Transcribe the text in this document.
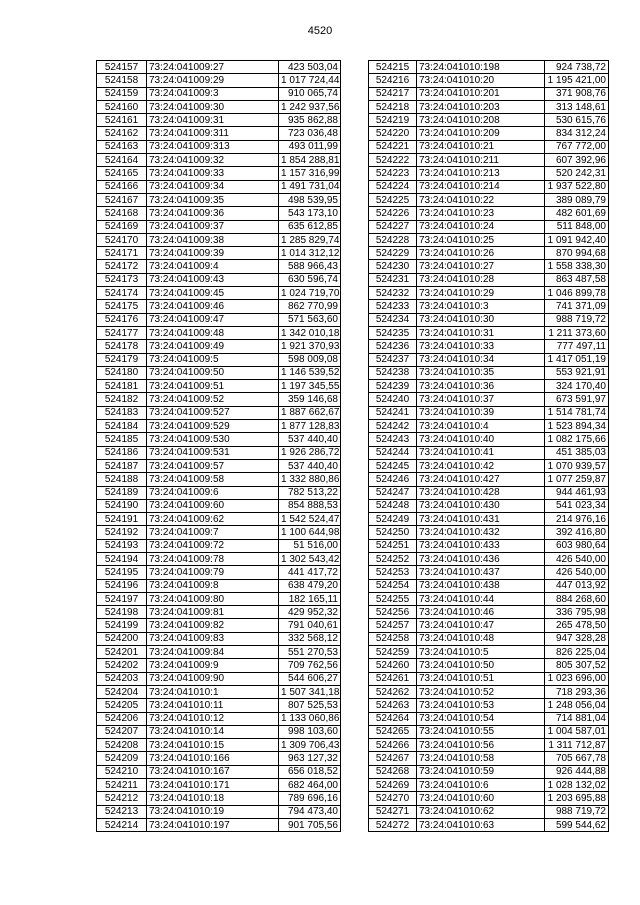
4520
524157	73:24:041009:27	423 503,04
524158	73:24:041009:29	1 017 724,44
524159	73:24:041009:3	910 065,74
524160	73:24:041009:30	1 242 937,56
524161	73:24:041009:31	935 862,88
524162	73:24:041009:311	723 036,48
524163	73:24:041009:313	493 011,99
524164	73:24:041009:32	1 854 288,81
524165	73:24:041009:33	1 157 316,99
524166	73:24:041009:34	1 491 731,04
524167	73:24:041009:35	498 539,95
524168	73:24:041009:36	543 173,10
524169	73:24:041009:37	635 612,85
524170	73:24:041009:38	1 285 829,74
524171	73:24:041009:39	1 014 312,12
524172	73:24:041009:4	588 966,43
524173	73:24:041009:43	630 596,74
524174	73:24:041009:45	1 024 719,70
524175	73:24:041009:46	862 770,99
524176	73:24:041009:47	571 563,60
524177	73:24:041009:48	1 342 010,18
524178	73:24:041009:49	1 921 370,93
524179	73:24:041009:5	598 009,08
524180	73:24:041009:50	1 146 539,52
524181	73:24:041009:51	1 197 345,55
524182	73:24:041009:52	359 146,68
524183	73:24:041009:527	1 887 662,67
524184	73:24:041009:529	1 877 128,83
524185	73:24:041009:530	537 440,40
524186	73:24:041009:531	1 926 286,72
524187	73:24:041009:57	537 440,40
524188	73:24:041009:58	1 332 880,86
524189	73:24:041009:6	782 513,22
524190	73:24:041009:60	854 888,53
524191	73:24:041009:62	1 542 524,47
524192	73:24:041009:7	1 100 644,98
524193	73:24:041009:72	51 516,00
524194	73:24:041009:78	1 302 543,42
524195	73:24:041009:79	441 417,72
524196	73:24:041009:8	638 479,20
524197	73:24:041009:80	182 165,11
524198	73:24:041009:81	429 952,32
524199	73:24:041009:82	791 040,61
524200	73:24:041009:83	332 568,12
524201	73:24:041009:84	551 270,53
524202	73:24:041009:9	709 762,56
524203	73:24:041009:90	544 606,27
524204	73:24:041010:1	1 507 341,18
524205	73:24:041010:11	807 525,53
524206	73:24:041010:12	1 133 060,86
524207	73:24:041010:14	998 103,60
524208	73:24:041010:15	1 309 706,43
524209	73:24:041010:166	963 127,32
524210	73:24:041010:167	656 018,52
524211	73:24:041010:171	682 464,00
524212	73:24:041010:18	789 696,16
524213	73:24:041010:19	794 473,40
524214	73:24:041010:197	901 705,56
524215	73:24:041010:198	924 738,72
524216	73:24:041010:20	1 195 421,00
524217	73:24:041010:201	371 908,76
524218	73:24:041010:203	313 148,61
524219	73:24:041010:208	530 615,76
524220	73:24:041010:209	834 312,24
524221	73:24:041010:21	767 772,00
524222	73:24:041010:211	607 392,96
524223	73:24:041010:213	520 242,31
524224	73:24:041010:214	1 937 522,80
524225	73:24:041010:22	389 089,79
524226	73:24:041010:23	482 601,69
524227	73:24:041010:24	511 848,00
524228	73:24:041010:25	1 091 942,40
524229	73:24:041010:26	870 994,68
524230	73:24:041010:27	1 558 338,30
524231	73:24:041010:28	863 487,58
524232	73:24:041010:29	1 046 899,78
524233	73:24:041010:3	741 371,09
524234	73:24:041010:30	988 719,72
524235	73:24:041010:31	1 211 373,60
524236	73:24:041010:33	777 497,11
524237	73:24:041010:34	1 417 051,19
524238	73:24:041010:35	553 921,91
524239	73:24:041010:36	324 170,40
524240	73:24:041010:37	673 591,97
524241	73:24:041010:39	1 514 781,74
524242	73:24:041010:4	1 523 894,34
524243	73:24:041010:40	1 082 175,66
524244	73:24:041010:41	451 385,03
524245	73:24:041010:42	1 070 939,57
524246	73:24:041010:427	1 077 259,87
524247	73:24:041010:428	944 461,93
524248	73:24:041010:430	541 023,34
524249	73:24:041010:431	214 976,16
524250	73:24:041010:432	392 416,80
524251	73:24:041010:433	603 980,64
524252	73:24:041010:436	426 540,00
524253	73:24:041010:437	426 540,00
524254	73:24:041010:438	447 013,92
524255	73:24:041010:44	884 268,60
524256	73:24:041010:46	336 795,98
524257	73:24:041010:47	265 478,50
524258	73:24:041010:48	947 328,28
524259	73:24:041010:5	826 225,04
524260	73:24:041010:50	805 307,52
524261	73:24:041010:51	1 023 696,00
524262	73:24:041010:52	718 293,36
524263	73:24:041010:53	1 248 056,04
524264	73:24:041010:54	714 881,04
524265	73:24:041010:55	1 004 587,01
524266	73:24:041010:56	1 311 712,87
524267	73:24:041010:58	705 667,78
524268	73:24:041010:59	926 444,88
524269	73:24:041010:6	1 028 132,02
524270	73:24:041010:60	1 203 695,88
524271	73:24:041010:62	988 719,72
524272	73:24:041010:63	599 544,62
